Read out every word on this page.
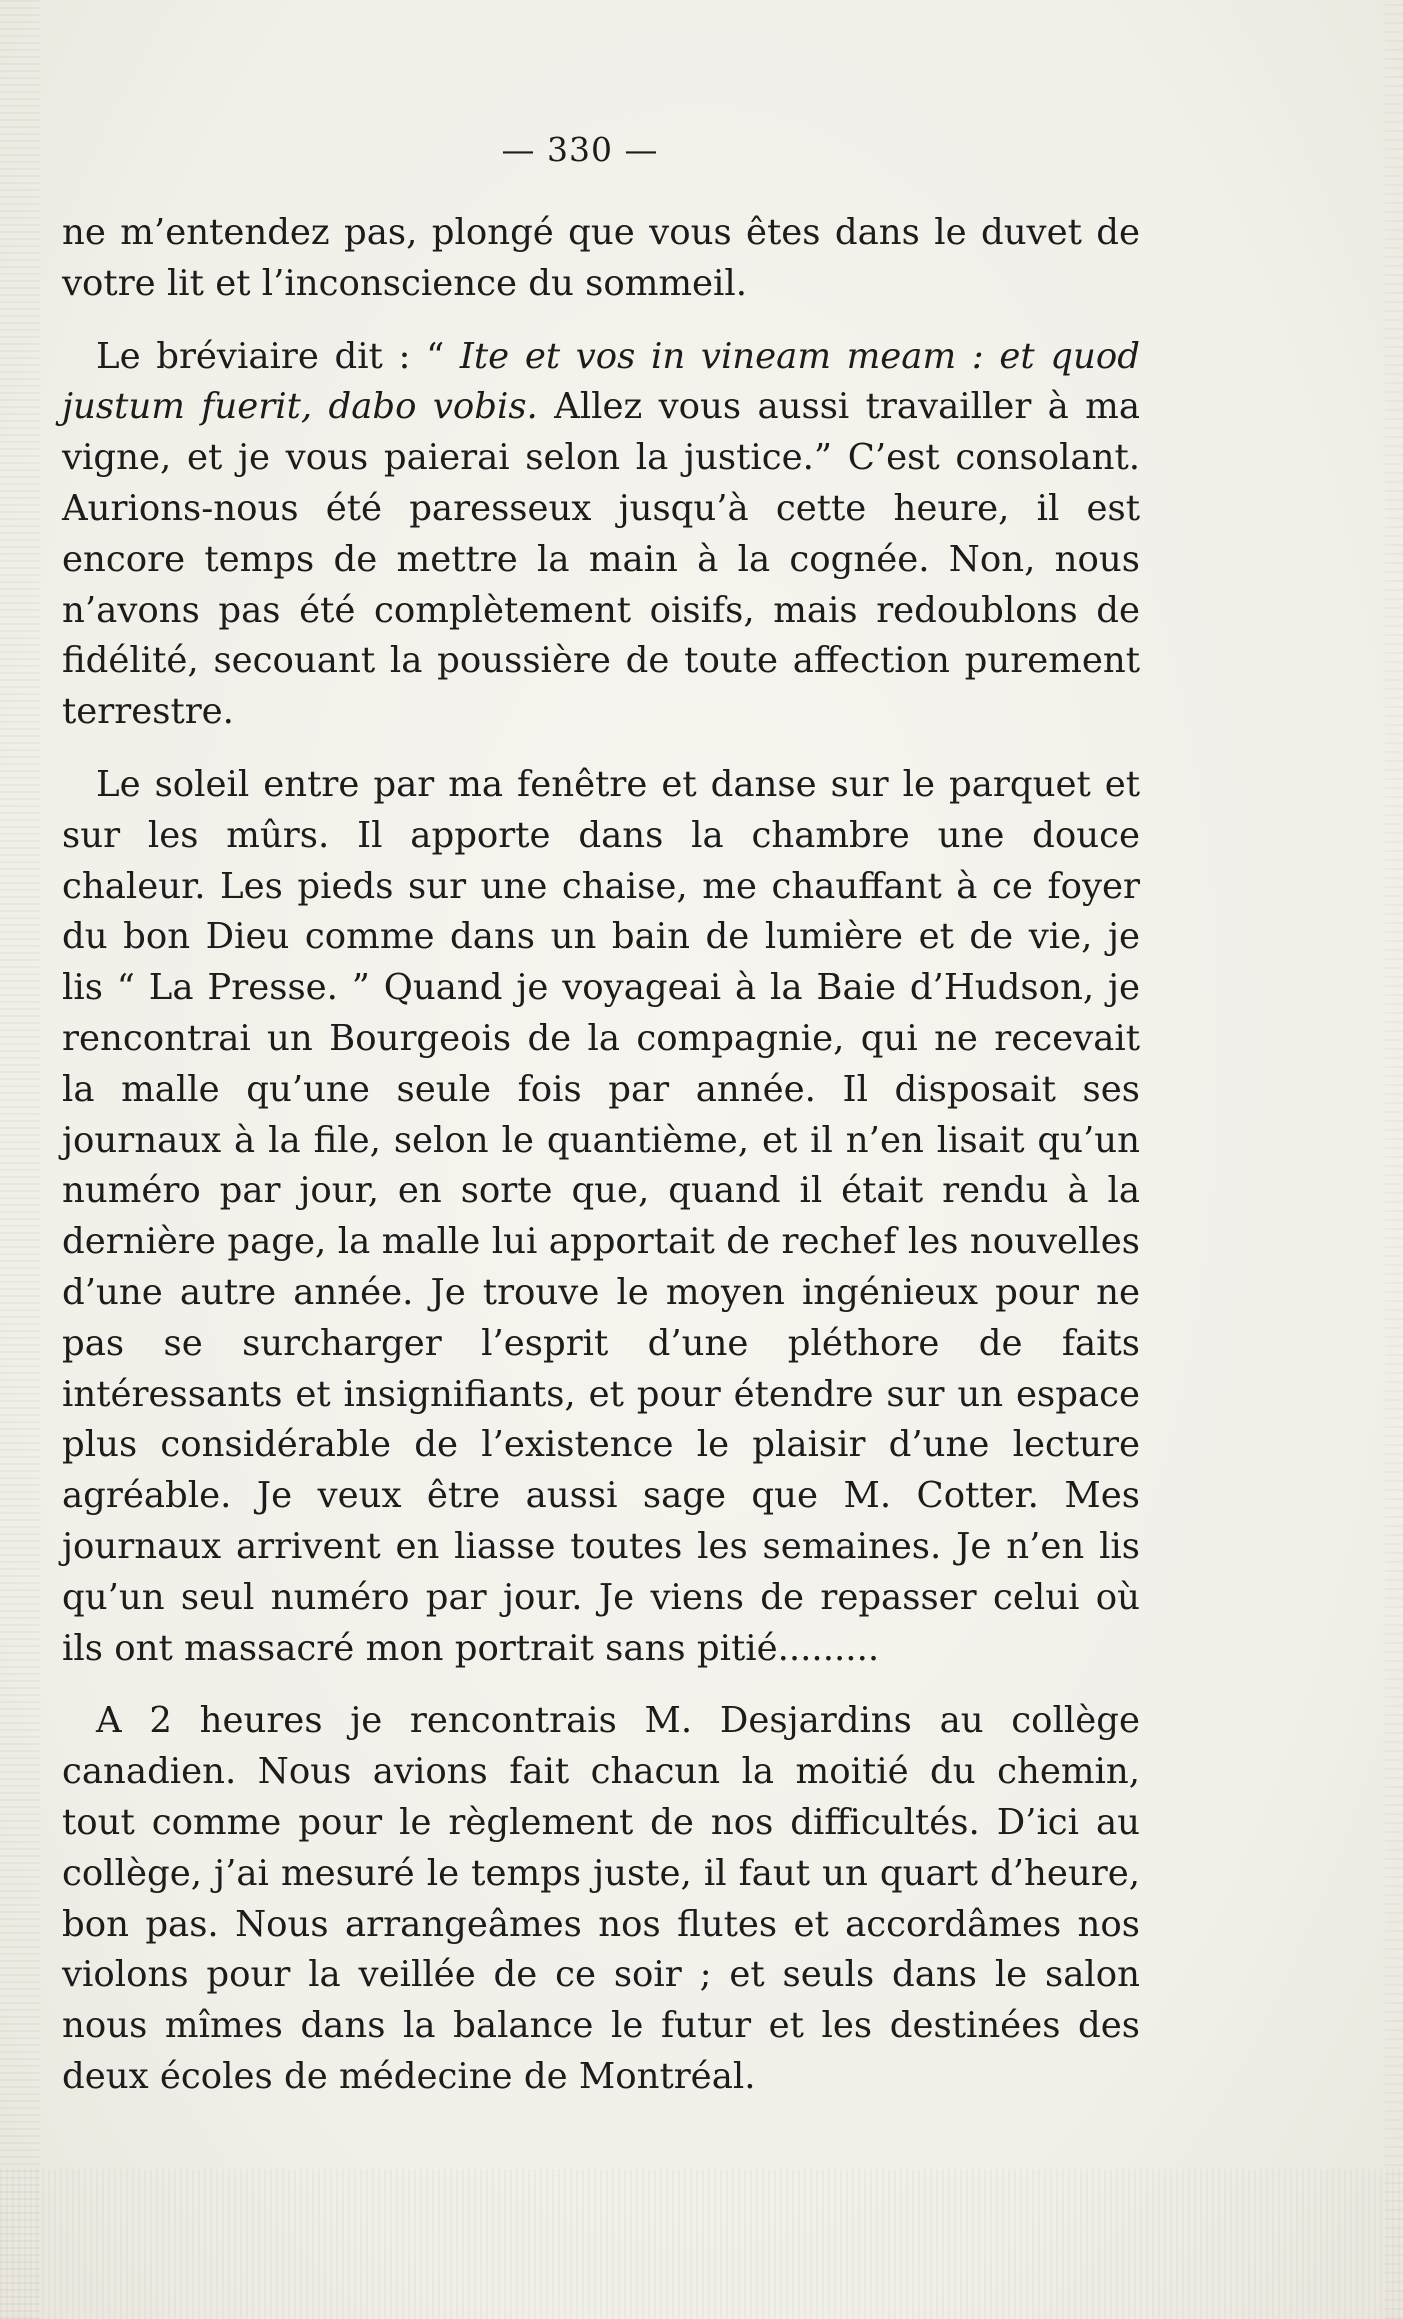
— 330 —

ne m’entendez pas, plongé que vous êtes dans le duvet de votre lit et l’inconscience du sommeil.

Le bréviaire dit : “ Ite et vos in vineam meam : et quod justum fuerit, dabo vobis. Allez vous aussi travailler à ma vigne, et je vous paierai selon la justice.” C’est consolant. Aurions-nous été paresseux jusqu’à cette heure, il est encore temps de mettre la main à la cognée. Non, nous n’avons pas été complètement oisifs, mais redoublons de fidélité, secouant la poussière de toute affection purement terrestre.

Le soleil entre par ma fenêtre et danse sur le parquet et sur les mûrs. Il apporte dans la chambre une douce chaleur. Les pieds sur une chaise, me chauffant à ce foyer du bon Dieu comme dans un bain de lumière et de vie, je lis “ La Presse. ” Quand je voyageai à la Baie d’Hudson, je rencontrai un Bourgeois de la compagnie, qui ne recevait la malle qu’une seule fois par année. Il disposait ses journaux à la file, selon le quantième, et il n’en lisait qu’un numéro par jour, en sorte que, quand il était rendu à la dernière page, la malle lui apportait de rechef les nouvelles d’une autre année. Je trouve le moyen ingénieux pour ne pas se surcharger l’esprit d’une pléthore de faits intéressants et insignifiants, et pour étendre sur un espace plus considérable de l’existence le plaisir d’une lecture agréable. Je veux être aussi sage que M. Cotter. Mes journaux arrivent en liasse toutes les semaines. Je n’en lis qu’un seul numéro par jour. Je viens de repasser celui où ils ont massacré mon portrait sans pitié.........

A 2 heures je rencontrais M. Desjardins au collège canadien. Nous avions fait chacun la moitié du chemin, tout comme pour le règlement de nos difficultés. D’ici au collège, j’ai mesuré le temps juste, il faut un quart d’heure, bon pas. Nous arrangeâmes nos flutes et accordâmes nos violons pour la veillée de ce soir ; et seuls dans le salon nous mîmes dans la balance le futur et les destinées des deux écoles de médecine de Montréal.
